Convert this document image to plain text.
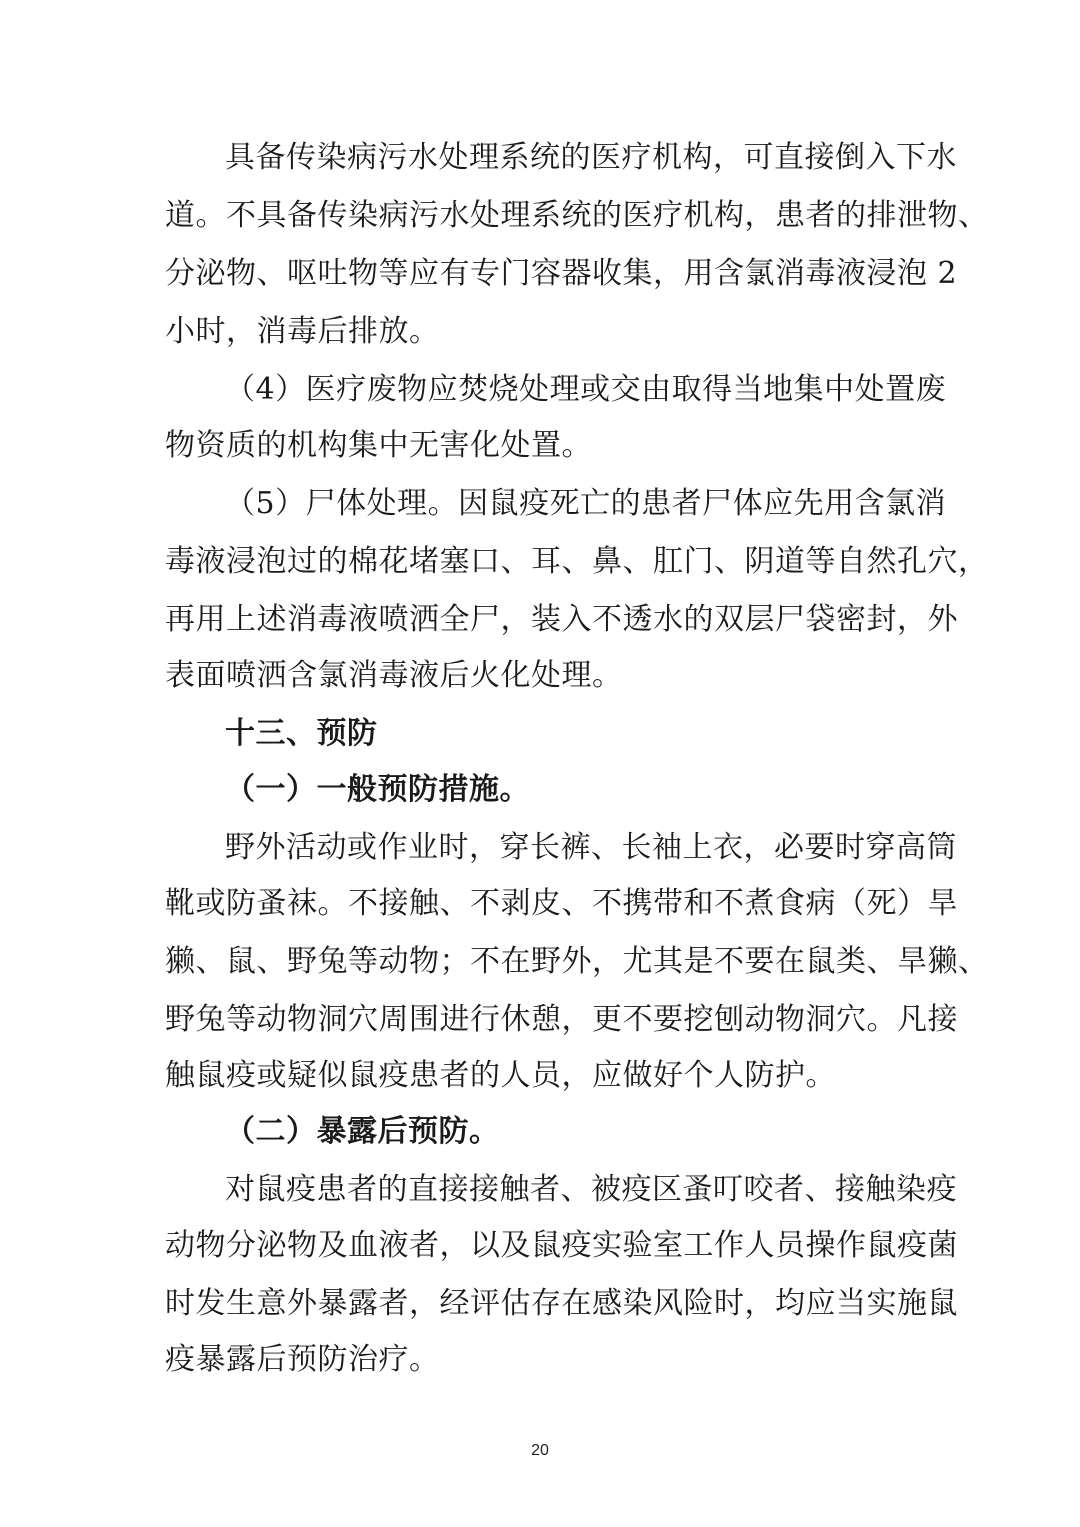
具备传染病污水处理系统的医疗机构，可直接倒入下水
道。不具备传染病污水处理系统的医疗机构，患者的排泄物、
分泌物、呕吐物等应有专门容器收集，用含氯消毒液浸泡 2
小时，消毒后排放。
（4）医疗废物应焚烧处理或交由取得当地集中处置废
物资质的机构集中无害化处置。
（5）尸体处理。因鼠疫死亡的患者尸体应先用含氯消
毒液浸泡过的棉花堵塞口、耳、鼻、肛门、阴道等自然孔穴，
再用上述消毒液喷洒全尸，装入不透水的双层尸袋密封，外
表面喷洒含氯消毒液后火化处理。
十三、预防
（一）一般预防措施。
野外活动或作业时，穿长裤、长袖上衣，必要时穿高筒
靴或防蚤袜。不接触、不剥皮、不携带和不煮食病（死）旱
獭、鼠、野兔等动物；不在野外，尤其是不要在鼠类、旱獭、
野兔等动物洞穴周围进行休憩，更不要挖刨动物洞穴。凡接
触鼠疫或疑似鼠疫患者的人员，应做好个人防护。
（二）暴露后预防。
对鼠疫患者的直接接触者、被疫区蚤叮咬者、接触染疫
动物分泌物及血液者，以及鼠疫实验室工作人员操作鼠疫菌
时发生意外暴露者，经评估存在感染风险时，均应当实施鼠
疫暴露后预防治疗。
20
